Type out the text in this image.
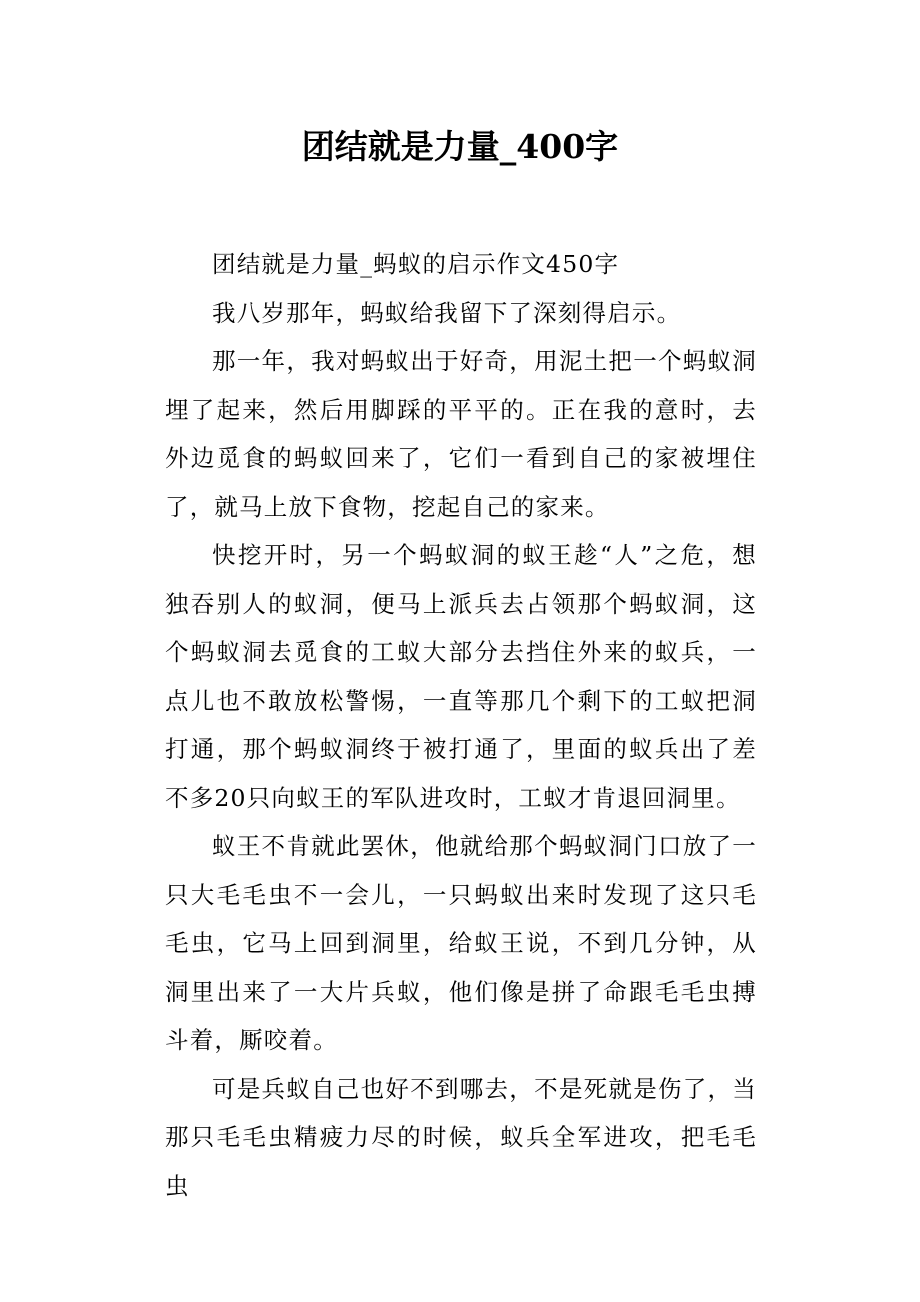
团结就是力量_400字

团结就是力量_蚂蚁的启示作文450字

我八岁那年，蚂蚁给我留下了深刻得启示。

那一年，我对蚂蚁出于好奇，用泥土把一个蚂蚁洞埋了起来，然后用脚踩的平平的。正在我的意时，去外边觅食的蚂蚁回来了，它们一看到自己的家被埋住了，就马上放下食物，挖起自己的家来。

快挖开时，另一个蚂蚁洞的蚁王趁“人”之危，想独吞别人的蚁洞，便马上派兵去占领那个蚂蚁洞，这个蚂蚁洞去觅食的工蚁大部分去挡住外来的蚁兵，一点儿也不敢放松警惕，一直等那几个剩下的工蚁把洞打通，那个蚂蚁洞终于被打通了，里面的蚁兵出了差不多20只向蚁王的军队进攻时，工蚁才肯退回洞里。

蚁王不肯就此罢休，他就给那个蚂蚁洞门口放了一只大毛毛虫不一会儿，一只蚂蚁出来时发现了这只毛毛虫，它马上回到洞里，给蚁王说，不到几分钟，从洞里出来了一大片兵蚁，他们像是拼了命跟毛毛虫搏斗着，厮咬着。

可是兵蚁自己也好不到哪去，不是死就是伤了，当那只毛毛虫精疲力尽的时候，蚁兵全军进攻，把毛毛虫
